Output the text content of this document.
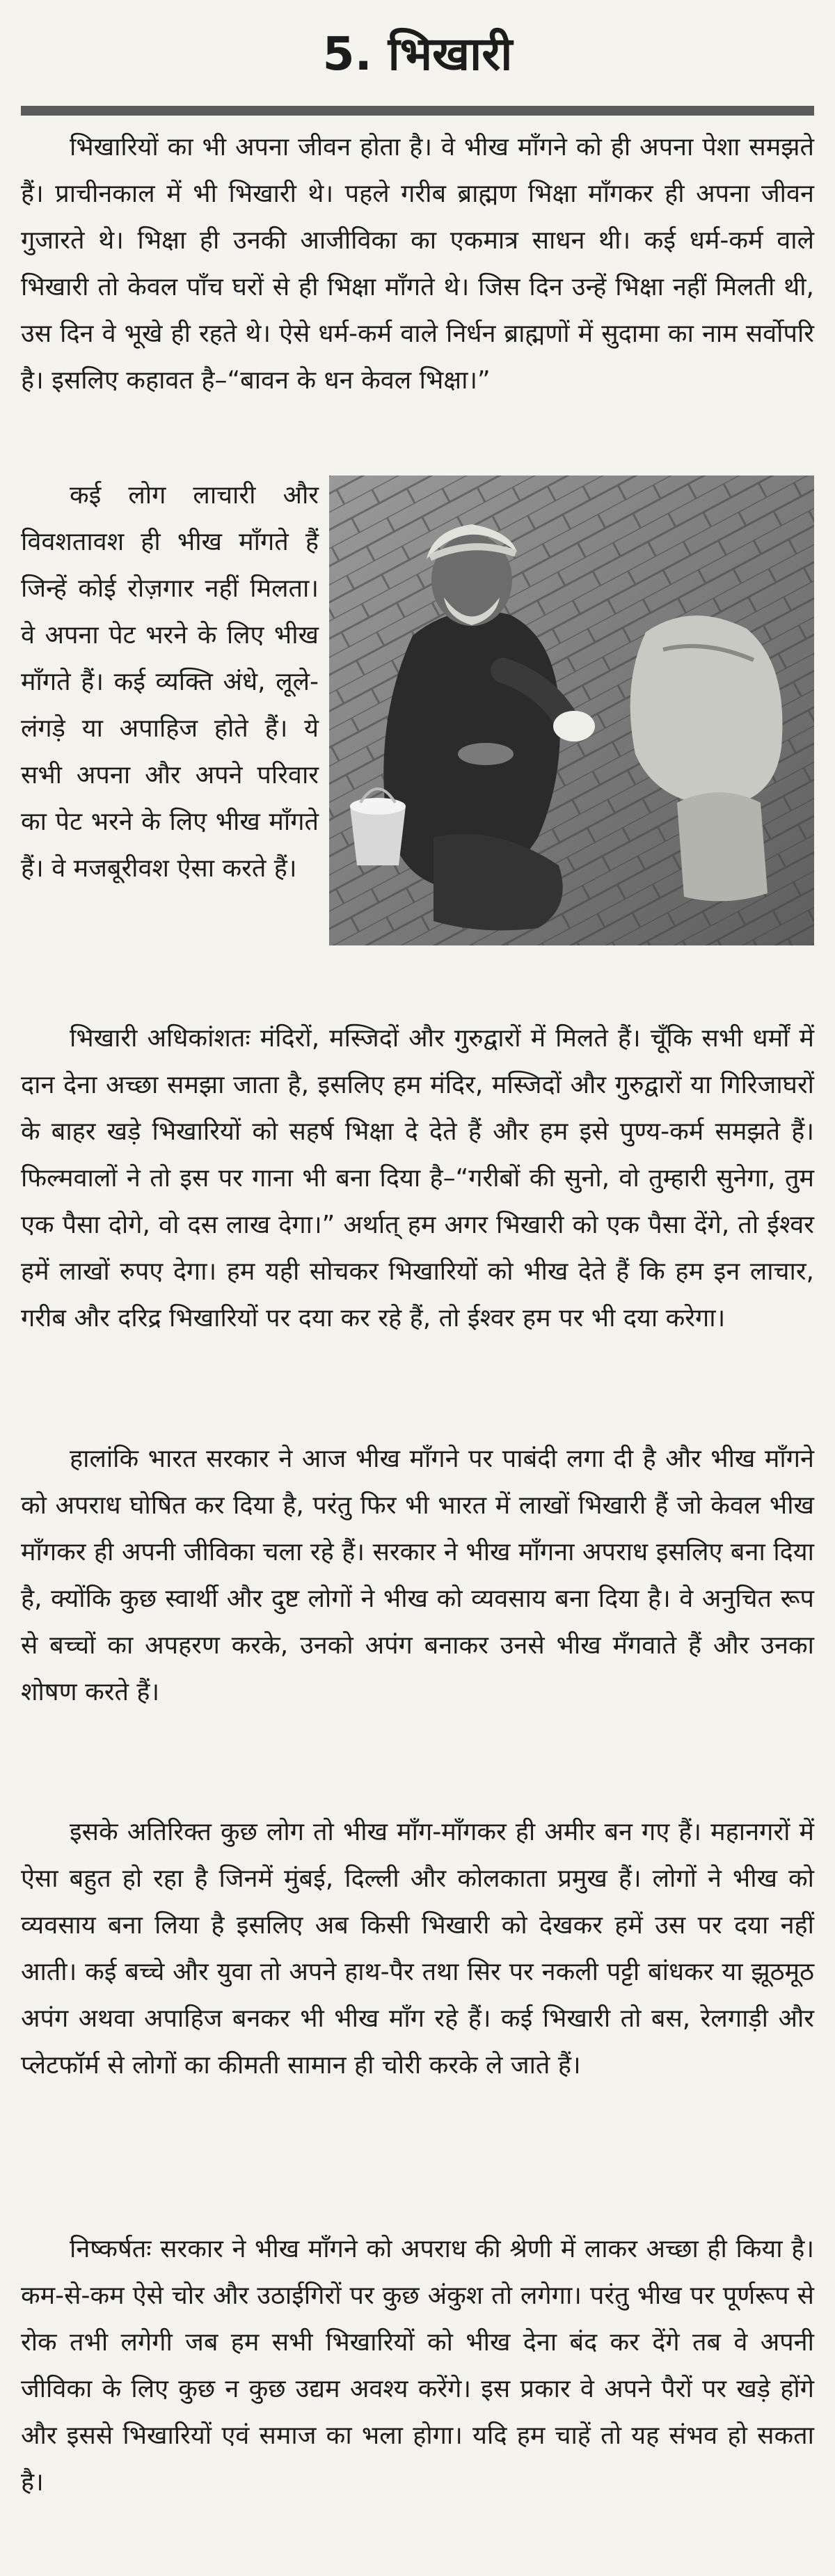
5. भिखारी

भिखारियों का भी अपना जीवन होता है। वे भीख माँगने को ही अपना पेशा समझते हैं। प्राचीनकाल में भी भिखारी थे। पहले गरीब ब्राह्मण भिक्षा माँगकर ही अपना जीवन गुजारते थे। भिक्षा ही उनकी आजीविका का एकमात्र साधन थी। कई धर्म-कर्म वाले भिखारी तो केवल पाँच घरों से ही भिक्षा माँगते थे। जिस दिन उन्हें भिक्षा नहीं मिलती थी, उस दिन वे भूखे ही रहते थे। ऐसे धर्म-कर्म वाले निर्धन ब्राह्मणों में सुदामा का नाम सर्वोपरि है। इसलिए कहावत है–“बावन के धन केवल भिक्षा।”

कई लोग लाचारी और विवशतावश ही भीख माँगते हैं जिन्हें कोई रोज़गार नहीं मिलता। वे अपना पेट भरने के लिए भीख माँगते हैं। कई व्यक्ति अंधे, लूले-लंगड़े या अपाहिज होते हैं। ये सभी अपना और अपने परिवार का पेट भरने के लिए भीख माँगते हैं। वे मजबूरीवश ऐसा करते हैं।

भिखारी अधिकांशतः मंदिरों, मस्जिदों और गुरुद्वारों में मिलते हैं। चूँकि सभी धर्मों में दान देना अच्छा समझा जाता है, इसलिए हम मंदिर, मस्जिदों और गुरुद्वारों या गिरिजाघरों के बाहर खड़े भिखारियों को सहर्ष भिक्षा दे देते हैं और हम इसे पुण्य-कर्म समझते हैं। फिल्मवालों ने तो इस पर गाना भी बना दिया है–“गरीबों की सुनो, वो तुम्हारी सुनेगा, तुम एक पैसा दोगे, वो दस लाख देगा।” अर्थात् हम अगर भिखारी को एक पैसा देंगे, तो ईश्वर हमें लाखों रुपए देगा। हम यही सोचकर भिखारियों को भीख देते हैं कि हम इन लाचार, गरीब और दरिद्र भिखारियों पर दया कर रहे हैं, तो ईश्वर हम पर भी दया करेगा।

हालांकि भारत सरकार ने आज भीख माँगने पर पाबंदी लगा दी है और भीख माँगने को अपराध घोषित कर दिया है, परंतु फिर भी भारत में लाखों भिखारी हैं जो केवल भीख माँगकर ही अपनी जीविका चला रहे हैं। सरकार ने भीख माँगना अपराध इसलिए बना दिया है, क्योंकि कुछ स्वार्थी और दुष्ट लोगों ने भीख को व्यवसाय बना दिया है। वे अनुचित रूप से बच्चों का अपहरण करके, उनको अपंग बनाकर उनसे भीख मँगवाते हैं और उनका शोषण करते हैं।

इसके अतिरिक्त कुछ लोग तो भीख माँग-माँगकर ही अमीर बन गए हैं। महानगरों में ऐसा बहुत हो रहा है जिनमें मुंबई, दिल्ली और कोलकाता प्रमुख हैं। लोगों ने भीख को व्यवसाय बना लिया है इसलिए अब किसी भिखारी को देखकर हमें उस पर दया नहीं आती। कई बच्चे और युवा तो अपने हाथ-पैर तथा सिर पर नकली पट्टी बांधकर या झूठमूठ अपंग अथवा अपाहिज बनकर भी भीख माँग रहे हैं। कई भिखारी तो बस, रेलगाड़ी और प्लेटफॉर्म से लोगों का कीमती सामान ही चोरी करके ले जाते हैं।

निष्कर्षतः सरकार ने भीख माँगने को अपराध की श्रेणी में लाकर अच्छा ही किया है। कम-से-कम ऐसे चोर और उठाईगिरों पर कुछ अंकुश तो लगेगा। परंतु भीख पर पूर्णरूप से रोक तभी लगेगी जब हम सभी भिखारियों को भीख देना बंद कर देंगे तब वे अपनी जीविका के लिए कुछ न कुछ उद्यम अवश्य करेंगे। इस प्रकार वे अपने पैरों पर खड़े होंगे और इससे भिखारियों एवं समाज का भला होगा। यदि हम चाहें तो यह संभव हो सकता है।
